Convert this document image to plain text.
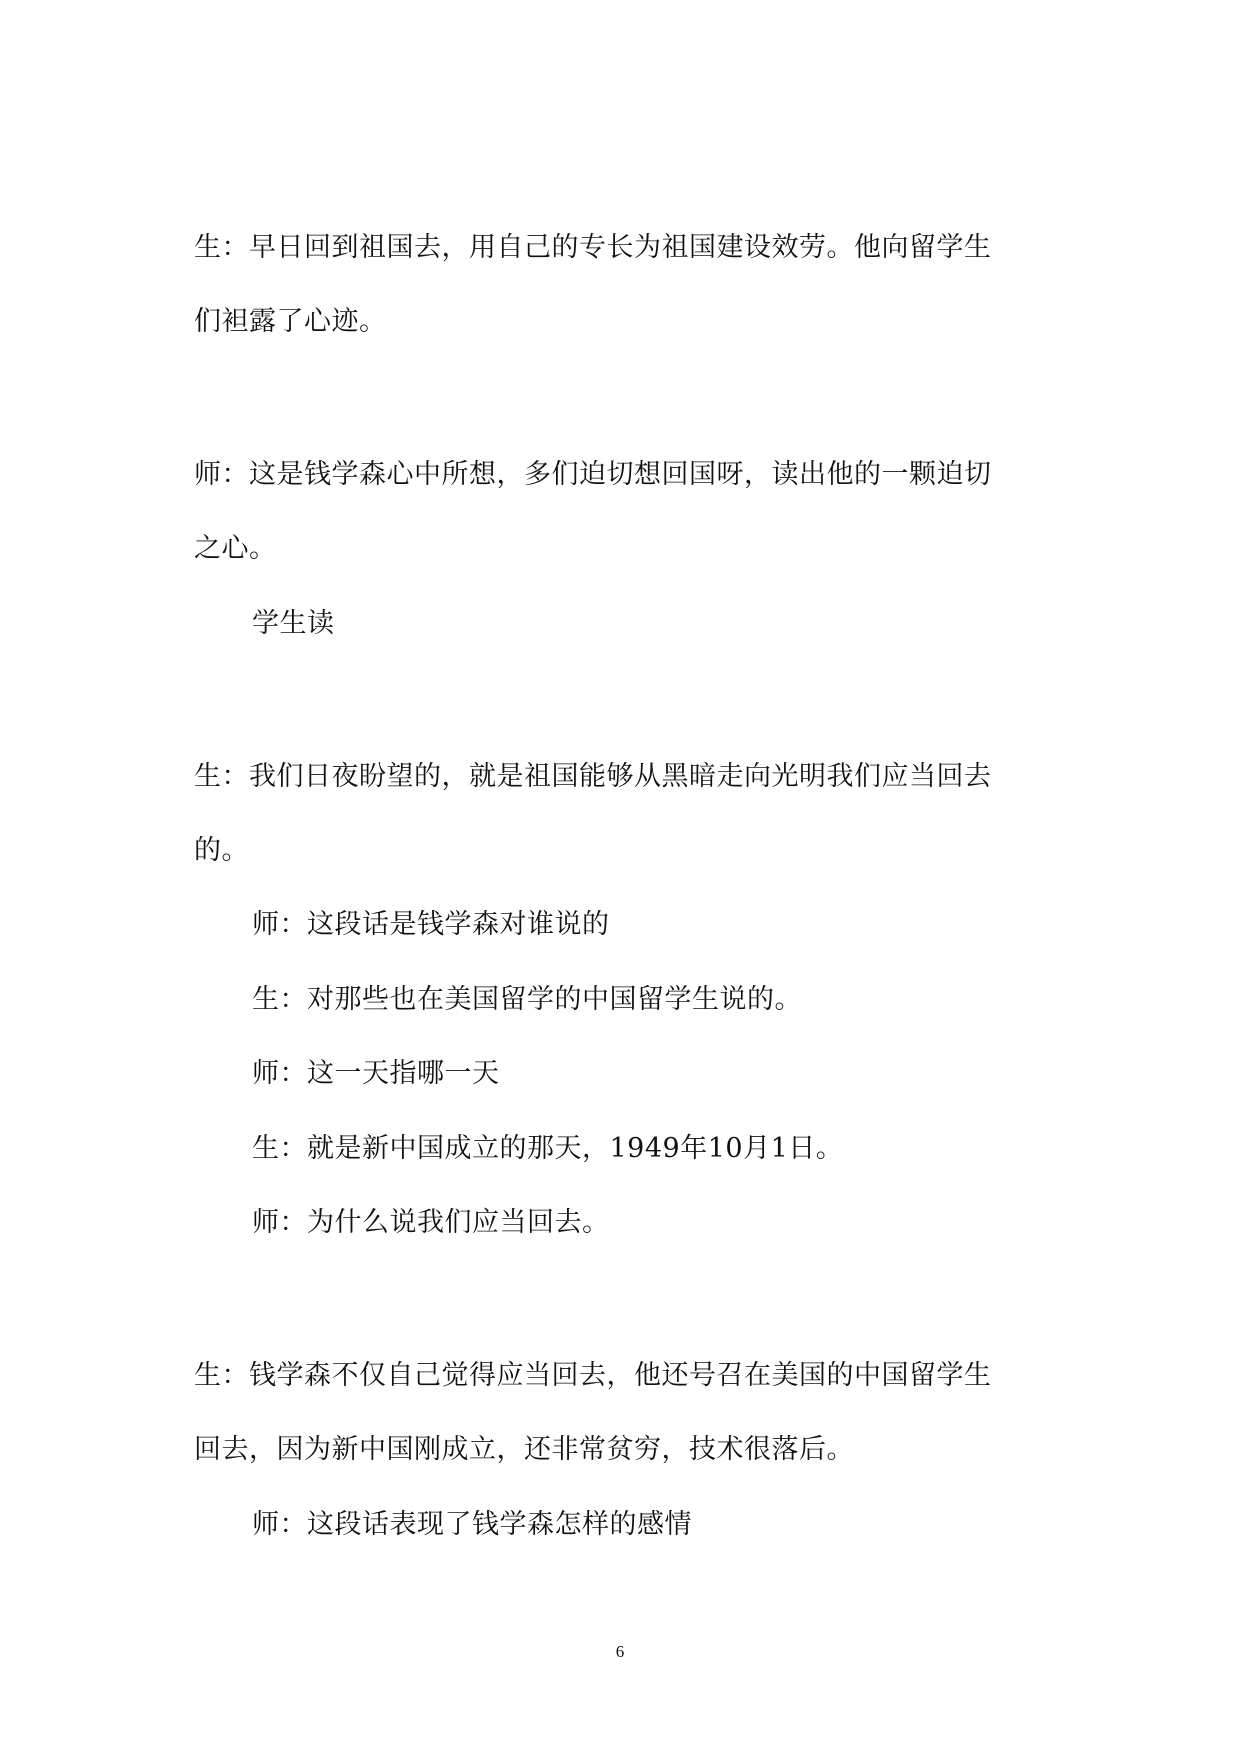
生：早日回到祖国去，用自己的专长为祖国建设效劳。他向留学生

们袒露了心迹。

师：这是钱学森心中所想，多们迫切想回国呀，读出他的一颗迫切

之心。

学生读

生：我们日夜盼望的，就是祖国能够从黑暗走向光明我们应当回去

的。

师：这段话是钱学森对谁说的

生：对那些也在美国留学的中国留学生说的。

师：这一天指哪一天

生：就是新中国成立的那天，1949年10月1日。

师：为什么说我们应当回去。

生：钱学森不仅自己觉得应当回去，他还号召在美国的中国留学生

回去，因为新中国刚成立，还非常贫穷，技术很落后。

师：这段话表现了钱学森怎样的感情

6
